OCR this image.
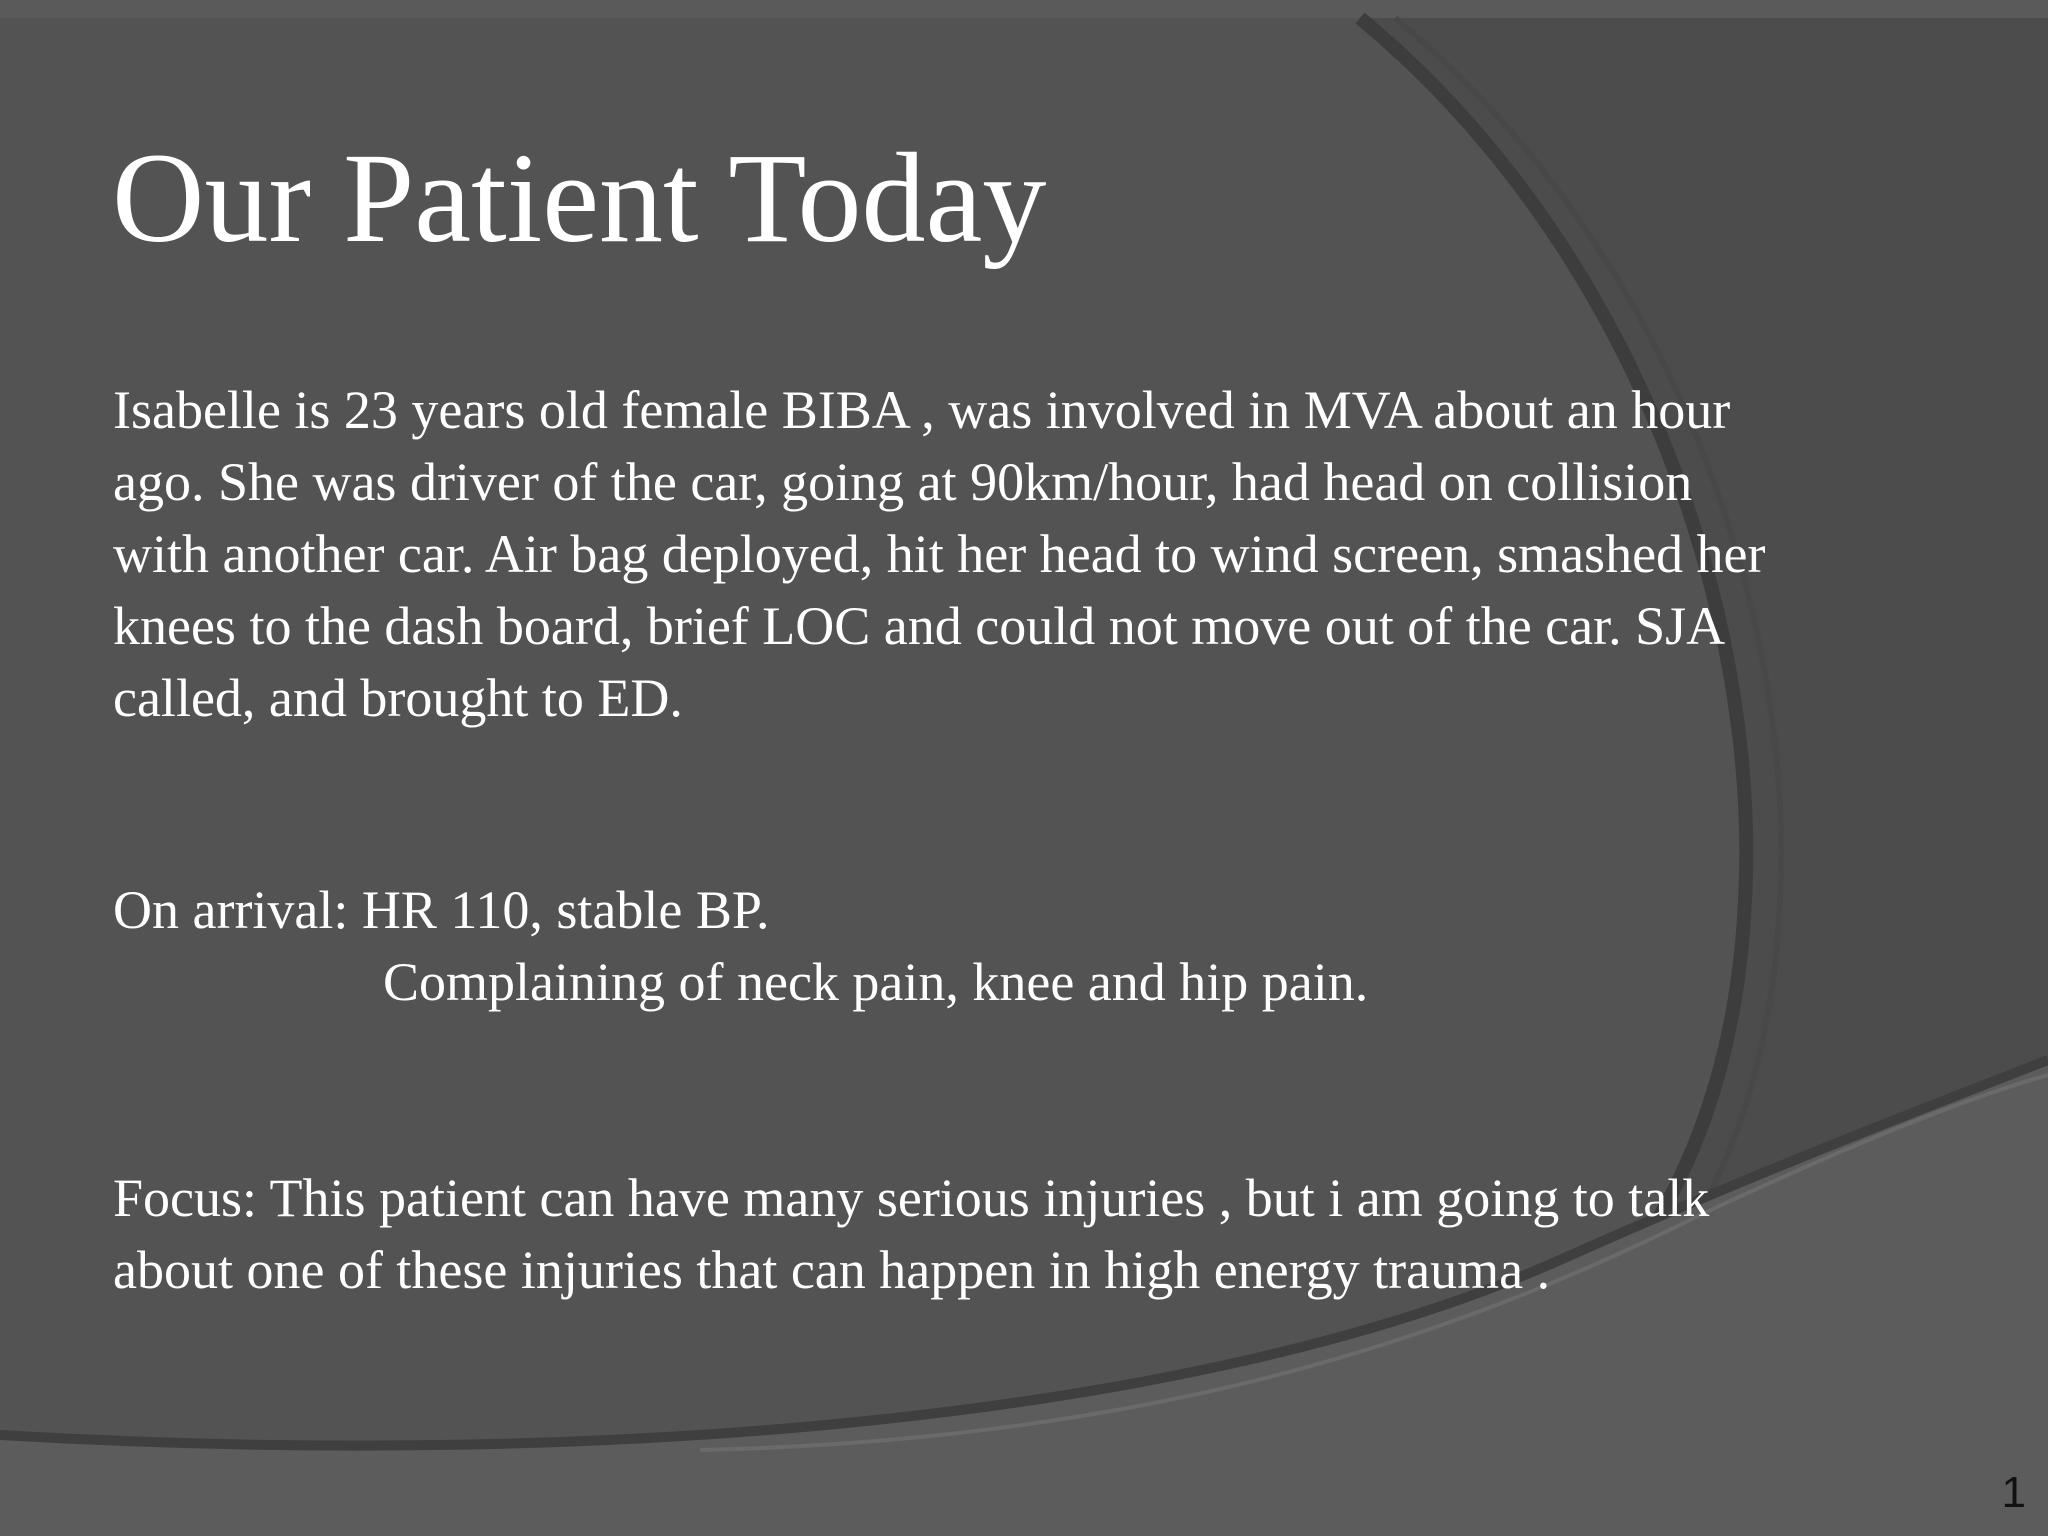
Our Patient Today

Isabelle is 23 years old female BIBA , was involved in MVA about an hour ago. She was driver of the car, going at 90km/hour, had head on collision with another car. Air bag deployed, hit her head to wind screen, smashed her knees to the dash board, brief LOC and could not move out of the car. SJA called, and brought to ED.

On arrival: HR 110, stable BP.

Complaining of neck pain, knee and hip pain.

Focus: This patient can have many serious injuries , but i am going to talk about one of these injuries that can happen in high energy trauma .

1
